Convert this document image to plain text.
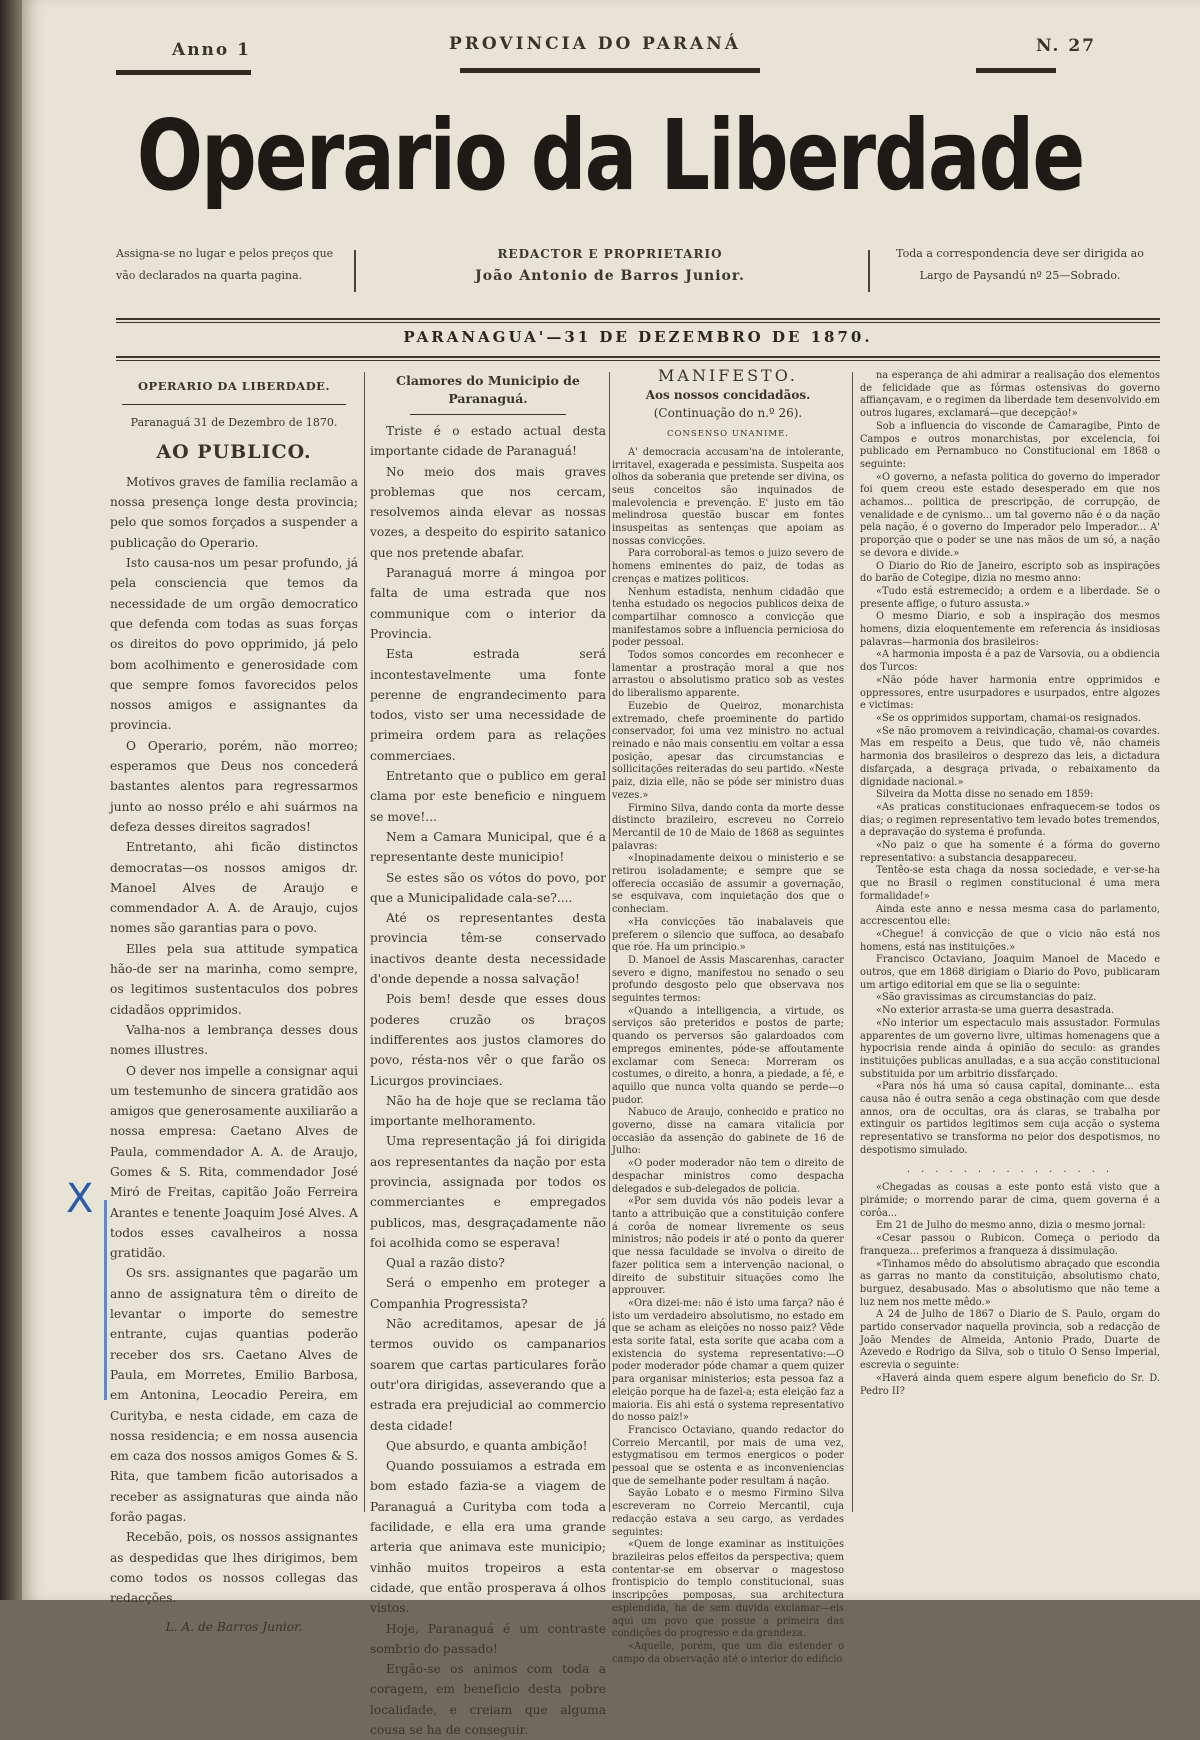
Anno 1	PROVINCIA DO PARANÁ	N. 27
Operario da Liberdade
Assigna-se no lugar e pelos preços que vão declarados na quarta pagina.
REDACTOR E PROPRIETARIO
João Antonio de Barros Junior.
Toda a correspondencia deve ser dirigida ao Largo de Paysandú nº 25—Sobrado.
PARANAGUA'—31 DE DEZEMBRO DE 1870.

OPERARIO DA LIBERDADE.

Paranaguá 31 de Dezembro de 1870.

AO PUBLICO.

Motivos graves de familia reclamão a nossa presença longe desta provincia; pelo que somos forçados a suspender a publicação do Operario.

Isto causa-nos um pesar profundo, já pela consciencia que temos da necessidade de um orgão democratico que defenda com todas as suas forças os direitos do povo opprimido, já pelo bom acolhimento e generosidade com que sempre fomos favorecidos pelos nossos amigos e assignantes da provincia.

O Operario, porém, não morreo; esperamos que Deus nos concederá bastantes alentos para regressarmos junto ao nosso prélo e ahi suármos na defeza desses direitos sagrados!

Entretanto, ahi ficão distinctos democratas—os nossos amigos dr. Manoel Alves de Araujo e commendador A. A. de Araujo, cujos nomes são garantias para o povo.

Elles pela sua attitude sympatica hão-de ser na marinha, como sempre, os legitimos sustentaculos dos pobres cidadãos opprimidos.

Valha-nos a lembrança desses dous nomes illustres.

O dever nos impelle a consignar aqui um testemunho de sincera gratidão aos amigos que generosamente auxiliarão a nossa empresa: Caetano Alves de Paula, commendador A. A. de Araujo, Gomes & S. Rita, commendador José Miró de Freitas, capitão João Ferreira Arantes e tenente Joaquim José Alves. A todos esses cavalheiros a nossa gratidão.

Os srs. assignantes que pagarão um anno de assignatura têm o direito de levantar o importe do semestre entrante, cujas quantias poderão receber dos srs. Caetano Alves de Paula, em Morretes, Emilio Barbosa, em Antonina, Leocadio Pereira, em Curityba, e nesta cidade, em caza de nossa residencia; e em nossa ausencia em caza dos nossos amigos Gomes & S. Rita, que tambem ficão autorisados a receber as assignaturas que ainda não forão pagas.

Recebão, pois, os nossos assignantes as despedidas que lhes dirigimos, bem como todos os nossos collegas das redacções.

L. A. de Barros Junior.

Clamores do Municipio de Paranaguá.

Triste é o estado actual desta importante cidade de Paranaguá!

No meio dos mais graves problemas que nos cercam, resolvemos ainda elevar as nossas vozes, a despeito do espirito satanico que nos pretende abafar.

Paranaguá morre á mingoa por falta de uma estrada que nos communique com o interior da Provincia.

Esta estrada será incontestavelmente uma fonte perenne de engrandecimento para todos, visto ser uma necessidade de primeira ordem para as relações commerciaes.

Entretanto que o publico em geral clama por este beneficio e ninguem se move!...

Nem a Camara Municipal, que é a representante deste municipio!

Se estes são os vótos do povo, por que a Municipalidade cala-se?....

Até os representantes desta provincia têm-se conservado inactivos deante desta necessidade d'onde depende a nossa salvação!

Pois bem! desde que esses dous poderes cruzão os braços indifferentes aos justos clamores do povo, résta-nos vêr o que farão os Licurgos provinciaes.

Não ha de hoje que se reclama tão importante melhoramento.

Uma representação já foi dirigida aos representantes da nação por esta provincia, assignada por todos os commerciantes e empregados publicos, mas, desgraçadamente não foi acolhida como se esperava!

Qual a razão disto?

Será o empenho em proteger a Companhia Progressista?

Não acreditamos, apesar de já termos ouvido os campanarios soarem que cartas particulares forão outr'ora dirigidas, asseverando que a estrada era prejudicial ao commercio desta cidade!

Que absurdo, e quanta ambição!

Quando possuiamos a estrada em bom estado fazia-se a viagem de Paranaguá a Curityba com toda a facilidade, e ella era uma grande arteria que animava este municipio; vinhão muitos tropeiros a esta cidade, que então prosperava á olhos vistos.

Hoje, Paranaguá é um contraste sombrio do passado!

Ergão-se os animos com toda a coragem, em beneficio desta pobre localidade, e creiam que alguma cousa se ha de conseguir.

MANIFESTO.

Aos nossos concidadãos.

(Continuação do n.º 26).

CONSENSO UNANIME.

A' democracia accusam'na de intolerante, irritavel, exagerada e pessimista. Suspeita aos olhos da soberania que pretende ser divina, os seus conceitos são inquinados de malevolencia e prevenção. E' justo em tão melindrosa questão buscar em fontes insuspeitas as sentenças que apoiam as nossas convicções.

Para corroboral-as temos o juizo severo de homens eminentes do paiz, de todas as crenças e matizes politicos.

Nenhum estadista, nenhum cidadão que tenha estudado os negocios publicos deixa de compartilhar comnosco a convicção que manifestamos sobre a influencia perniciosa do poder pessoal.

Todos somos concordes em reconhecer e lamentar a prostração moral a que nos arrastou o absolutismo pratico sob as vestes do liberalismo apparente.

Euzebio de Queiroz, monarchista extremado, chefe proeminente do partido conservador, foi uma vez ministro no actual reinado e não mais consentiu em voltar a essa posição, apesar das circumstancias e sollicitações reiteradas do seu partido. «Neste paiz, dizia elle, não se póde ser ministro duas vezes.»

Firmino Silva, dando conta da morte desse distincto brazileiro, escreveu no Correio Mercantil de 10 de Maio de 1868 as seguintes palavras:

«Inopinadamente deixou o ministerio e se retirou isoladamente; e sempre que se offerecia occasião de assumir a governação, se esquivava, com inquietação dos que o conheciam.

«Ha convicções tão inabalaveis que preferem o silencio que suffoca, ao desabafo que róe. Ha um principio.»

D. Manoel de Assis Mascarenhas, caracter severo e digno, manifestou no senado o seu profundo desgosto pelo que observava nos seguintes termos:

«Quando a intelligencia, a virtude, os serviços são preteridos e postos de parte; quando os perversos são galardoados com empregos eminentes, póde-se affoutamente exclamar com Seneca: Morreram os costumes, o direito, a honra, a piedade, a fé, e aquillo que nunca volta quando se perde—o pudor.

Nabuco de Araujo, conhecido e pratico no governo, disse na camara vitalicia por occasião da assenção do gabinete de 16 de Julho:

«O poder moderador não tem o direito de despachar ministros como despacha delegados e sub-delegados de policia.

«Por sem duvida vós não podeis levar a tanto a attribuição que a constituição confere á corôa de nomear livremente os seus ministros; não podeis ir até o ponto da querer que nessa faculdade se involva o direito de fazer politica sem a intervenção nacional, o direito de substituir situações como lhe approuver.

«Ora dizei-me: não é isto uma farça? não é isto um verdadeiro absolutismo, no estado em que se acham as eleições no nosso paiz? Vêde esta sorite fatal, esta sorite que acaba com a existencia do systema representativo:—O poder moderador póde chamar a quem quizer para organisar ministerios; esta pessoa faz a eleição porque ha de fazel-a; esta eleição faz a maioria. Eis ahi está o systema representativo do nosso paiz!»

Francisco Octaviano, quando redactor do Correio Mercantil, por mais de uma vez, estygmatisou em termos energicos o poder pessoal que se ostenta e as inconveniencias que de semelhante poder resultam á nação.

Sayão Lobato e o mesmo Firmino Silva escreveram no Correio Mercantil, cuja redacção estava a seu cargo, as verdades seguintes:

«Quem de longe examinar as instituições brazileiras pelos effeitos da perspectiva; quem contentar-se em observar o magestoso frontispicio do templo constitucional, suas inscripções pomposas, sua architectura esplendida, ha de sem duvida exclamar—eis aqui um povo que possue a primeira das condições do progresso e da grandeza.

«Aquelle, porém, que um dia estender o campo da observação até o interior do edificio

na esperança de ahi admirar a realisação dos elementos de felicidade que as fórmas ostensivas do governo affiançavam, e o regimen da liberdade tem desenvolvido em outros lugares, exclamará—que decepção!»

Sob a influencia do visconde de Camaragibe, Pinto de Campos e outros monarchistas, por excelencia, foi publicado em Pernambuco no Constitucional em 1868 o seguinte:

«O governo, a nefasta politica do governo do imperador foi quem creou este estado desesperado em que nos achamos... politica de prescripção, de corrupção, de venalidade e de cynismo... um tal governo não é o da nação pela nação, é o governo do Imperador pelo Imperador... A' proporção que o poder se une nas mãos de um só, a nação se devora e divide.»

O Diario do Rio de Janeiro, escripto sob as inspirações do barão de Cotegipe, dizia no mesmo anno:

«Tudo está estremecido; a ordem e a liberdade. Se o presente affige, o futuro assusta.»

O mesmo Diario, e sob a inspiração dos mesmos homens, dizia eloquentemente em referencia ás insidiosas palavras—harmonia dos brasileiros:

«A harmonia imposta é a paz de Varsovia, ou a obdiencia dos Turcos:

«Não póde haver harmonia entre opprimidos e oppressores, entre usurpadores e usurpados, entre algozes e victimas:

«Se os opprimidos supportam, chamai-os resignados.

«Se não promovem a reivindicação, chamai-os covardes. Mas em respeito a Deus, que tudo vê, não chameis harmonia dos brasileiros o desprezo das leis, a dictadura disfarçada, a desgraça privada, o rebaixamento da dignidade nacional.»

Silveira da Motta disse no senado em 1859:

«As praticas constitucionaes enfraquecem-se todos os dias; o regimen representativo tem levado botes tremendos, a depravação do systema é profunda.

«No paiz o que ha somente é a fórma do governo representativo: a substancia desappareceu.

Tentêo-se esta chaga da nossa sociedade, e ver-se-ha que no Brasil o regimen constitucional é uma mera formalidade!»

Ainda este anno e nessa mesma casa do parlamento, accrescentou elle:

«Chegue! á convicção de que o vicio não está nos homens, está nas instituições.»

Francisco Octaviano, Joaquim Manoel de Macedo e outros, que em 1868 dirigiam o Diario do Povo, publicaram um artigo editorial em que se lia o seguinte:

«São gravissimas as circumstancias do paiz.

«No exterior arrasta-se uma guerra desastrada.

«No interior um espectaculo mais assustador. Formulas apparentes de um governo livre, ultimas homenagens que a hypocrisia rende ainda á opinião do seculo: as grandes instituições publicas anulladas, e a sua acção constitucional substituida por um arbitrio dissfarçado.

«Para nós há uma só causa capital, dominante... esta causa não é outra senão a cega obstinação com que desde annos, ora de occultas, ora ás claras, se trabalha por extinguir os partidos legitimos sem cuja acção o systema representativo se transforma no peior dos despotismos, no despotismo simulado.

. . . . . . . . . . . . . . .

«Chegadas as cousas a este ponto está visto que a pirámide; o morrendo parar de cima, quem governa é a corôa...

Em 21 de Julho do mesmo anno, dizia o mesmo jornal:

«Cesar passou o Rubicon. Começa o periodo da franqueza... preferimos a franqueza á dissimulação.

«Tinhamos mêdo do absolutismo abraçado que escondia as garras no manto da constituição, absolutismo chato, burguez, desabusado. Mas o absolutismo que não teme a luz nem nos mette mêdo.»

A 24 de Julho de 1867 o Diario de S. Paulo, orgam do partido conservador naquella provincia, sob a redacção de João Mendes de Almeida, Antonio Prado, Duarte de Azevedo e Rodrigo da Silva, sob o titulo O Senso Imperial, escrevia o seguinte:

«Haverá ainda quem espere algum beneficio do Sr. D. Pedro II?

X
